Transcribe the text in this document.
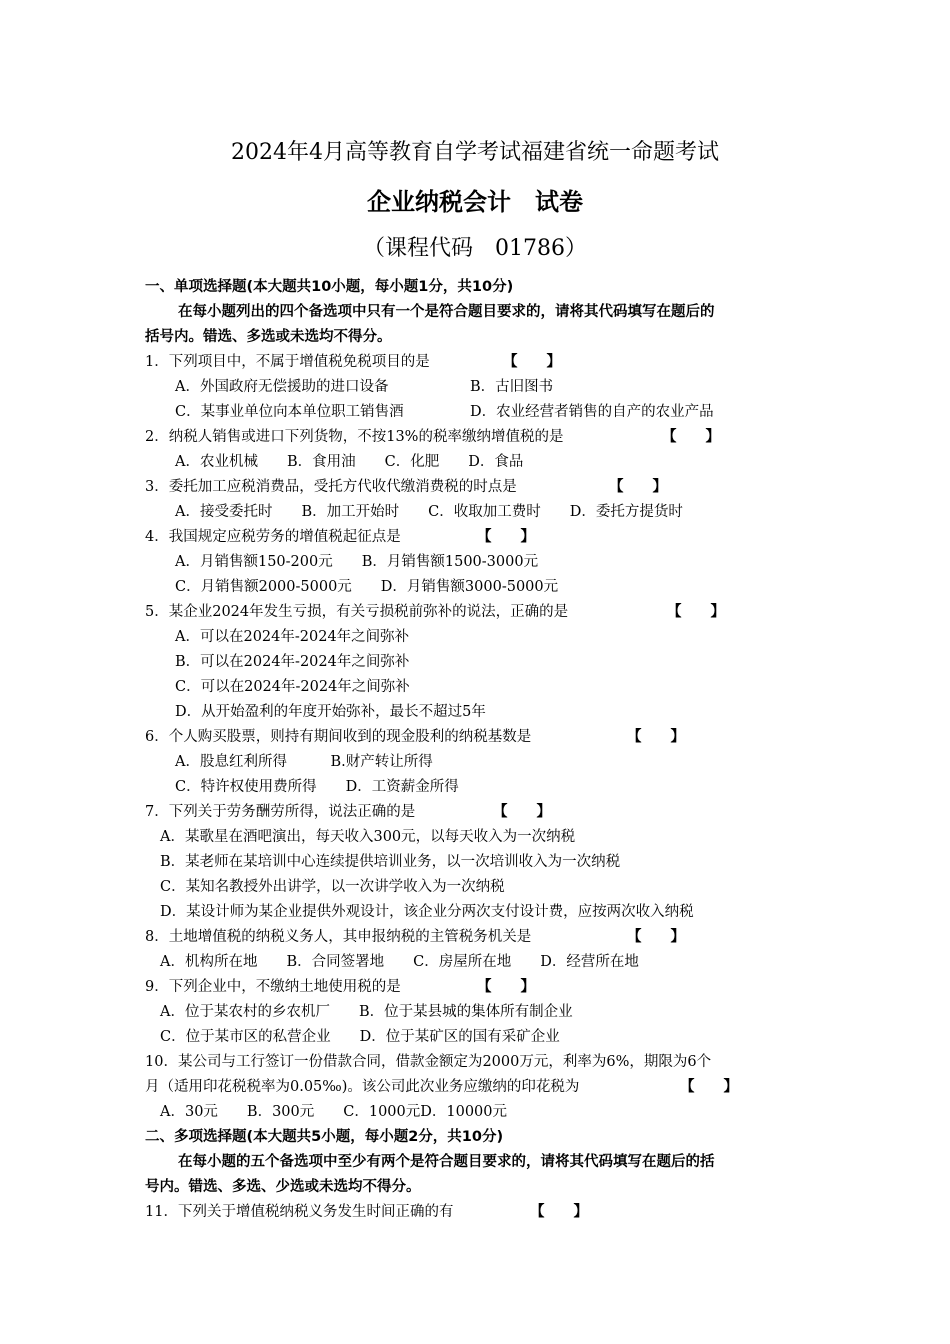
2024年4月高等教育自学考试福建省统一命题考试
企业纳税会计　试卷
（课程代码　01786）
一、单项选择题(本大题共10小题，每小题1分，共10分)
在每小题列出的四个备选项中只有一个是符合题目要求的，请将其代码填写在题后的
括号内。错选、多选或未选均不得分。
1．下列项目中，不属于增值税免税项目的是	【　　】
A．外国政府无偿援助的进口设备	B．古旧图书
C．某事业单位向本单位职工销售酒	D．农业经营者销售的自产的农业产品
2．纳税人销售或进口下列货物，不按13%的税率缴纳增值税的是	【　　】
A．农业机械　　B．食用油　　C．化肥　　D．食品
3．委托加工应税消费品，受托方代收代缴消费税的时点是	【　　】
A．接受委托时　　B．加工开始时　　C．收取加工费时　　D．委托方提货时
4．我国规定应税劳务的增值税起征点是	【　　】
A．月销售额150-200元　　B．月销售额1500-3000元
C．月销售额2000-5000元　　D．月销售额3000-5000元
5．某企业2024年发生亏损，有关亏损税前弥补的说法，正确的是	【　　】
A．可以在2024年-2024年之间弥补
B．可以在2024年-2024年之间弥补
C．可以在2024年-2024年之间弥补
D．从开始盈利的年度开始弥补，最长不超过5年
6．个人购买股票，则持有期间收到的现金股利的纳税基数是	【　　】
A．股息红利所得　　　B.财产转让所得
C．特许权使用费所得　　D．工资薪金所得
7．下列关于劳务酬劳所得，说法正确的是	【　　】
A．某歌星在酒吧演出，每天收入300元，以每天收入为一次纳税
B．某老师在某培训中心连续提供培训业务，以一次培训收入为一次纳税
C．某知名教授外出讲学，以一次讲学收入为一次纳税
D．某设计师为某企业提供外观设计，该企业分两次支付设计费，应按两次收入纳税
8．土地增值税的纳税义务人，其申报纳税的主管税务机关是	【　　】
A．机构所在地　　B．合同签署地　　C．房屋所在地　　D．经营所在地
9．下列企业中，不缴纳土地使用税的是	【　　】
A．位于某农村的乡农机厂　　B．位于某县城的集体所有制企业
C．位于某市区的私营企业　　D．位于某矿区的国有采矿企业
10．某公司与工行签订一份借款合同，借款金额定为2000万元，利率为6%，期限为6个
月（适用印花税税率为0.05‰)。该公司此次业务应缴纳的印花税为	【　　】
A．30元　　B．300元　　C．1000元D．10000元
二、多项选择题(本大题共5小题，每小题2分，共10分)
在每小题的五个备选项中至少有两个是符合题目要求的，请将其代码填写在题后的括
号内。错选、多选、少选或未选均不得分。
11．下列关于增值税纳税义务发生时间正确的有	【　　】
